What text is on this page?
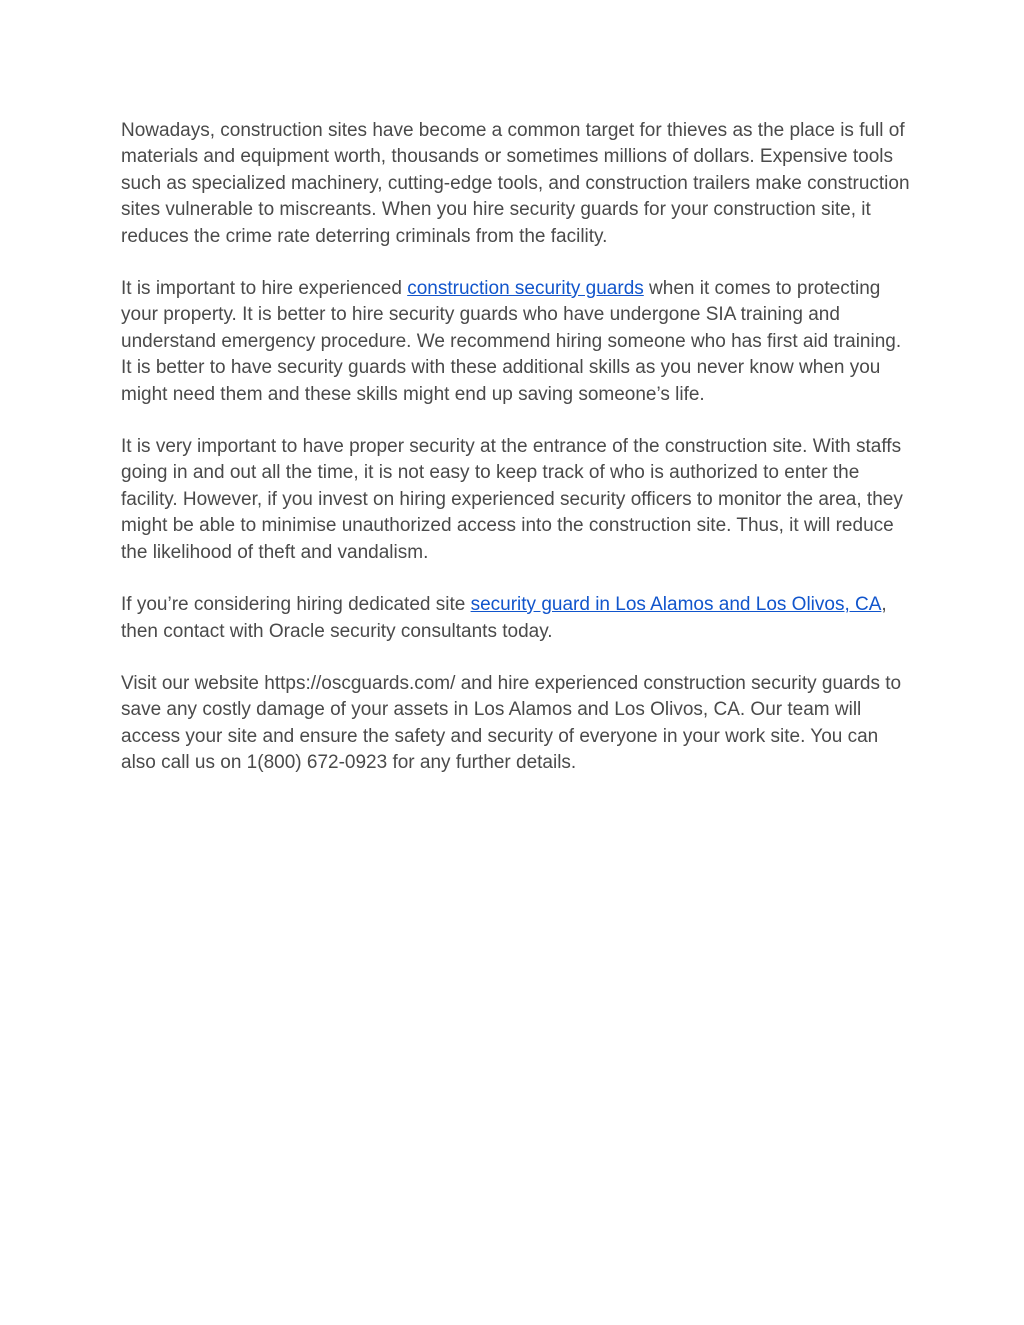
Nowadays, construction sites have become a common target for thieves as the place is full of materials and equipment worth, thousands or sometimes millions of dollars. Expensive tools such as specialized machinery, cutting-edge tools, and construction trailers make construction sites vulnerable to miscreants. When you hire security guards for your construction site, it reduces the crime rate deterring criminals from the facility.

It is important to hire experienced construction security guards when it comes to protecting your property. It is better to hire security guards who have undergone SIA training and understand emergency procedure. We recommend hiring someone who has first aid training. It is better to have security guards with these additional skills as you never know when you might need them and these skills might end up saving someone’s life.

It is very important to have proper security at the entrance of the construction site. With staffs going in and out all the time, it is not easy to keep track of who is authorized to enter the facility. However, if you invest on hiring experienced security officers to monitor the area, they might be able to minimise unauthorized access into the construction site. Thus, it will reduce the likelihood of theft and vandalism.

If you’re considering hiring dedicated site security guard in Los Alamos and Los Olivos, CA, then contact with Oracle security consultants today.

Visit our website https://oscguards.com/ and hire experienced construction security guards to save any costly damage of your assets in Los Alamos and Los Olivos, CA. Our team will access your site and ensure the safety and security of everyone in your work site. You can also call us on 1(800) 672-0923 for any further details.
